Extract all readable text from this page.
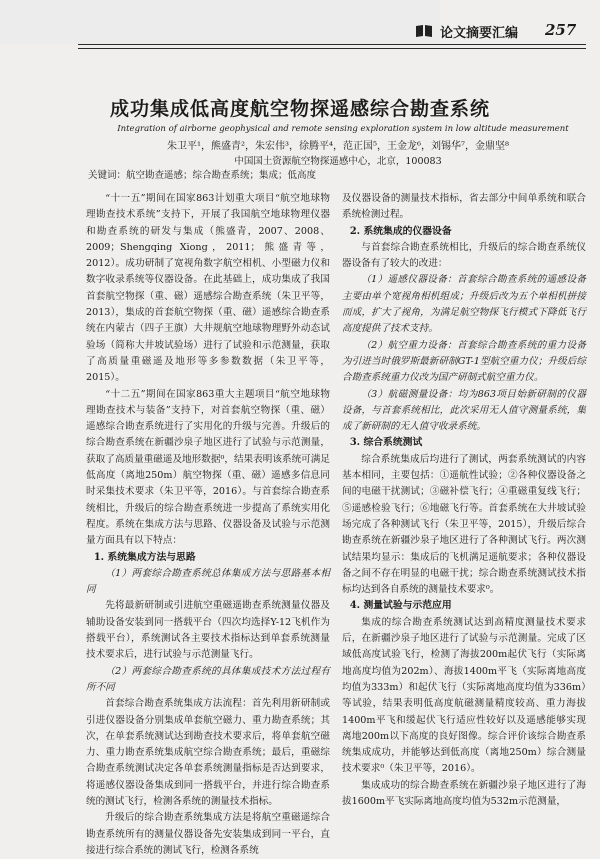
论文摘要汇编 257
成功集成低高度航空物探遥感综合勘查系统
Integration of airborne geophysical and remote sensing exploration system in low altitude measurement
朱卫平¹，熊盛青²，朱宏伟³，徐腾平⁴，范正国⁵，王金龙⁶，刘锡华⁷，金鼎坚⁸
中国国土资源航空物探遥感中心，北京，100083
关键词：航空勘查遥感；综合勘查系统；集成；低高度

“十一五”期间在国家863计划重大项目“航空地球物理勘查技术系统”支持下，开展了我国航空地球物理仪器和勘查系统的研发与集成（熊盛青，2007、2008、2009；Shengqing Xiong，2011；熊盛青等，2012）。成功研制了宽视角数字航空相机、小型磁力仪和数字收录系统等仪器设备。在此基础上，成功集成了我国首套航空物探（重、磁）遥感综合勘查系统（朱卫平等，2013），集成的首套航空物探（重、磁）遥感综合勘查系统在内蒙古（四子王旗）大井规航空地球物理野外动态试验场（简称大井坡试验场）进行了试验和示范测量，获取了高质量重磁遥及地形等多参数数据（朱卫平等，2015）。

“十二五”期间在国家863重大主题项目“航空地球物理勘查技术与装备”支持下，对首套航空物探（重、磁）遥感综合勘查系统进行了实用化的升级与完善。升级后的综合勘查系统在新疆沙泉子地区进行了试验与示范测量，获取了高质量重磁遥及地形数据⁰，结果表明该系统可满足低高度（离地250m）航空物探（重、磁）遥感多信息同时采集技术要求（朱卫平等，2016）。与首套综合勘查系统相比，升级后的综合勘查系统进一步提高了系统实用化程度。系统在集成方法与思路、仪器设备及试验与示范测量方面具有以下特点：

1. 系统集成方法与思路

（1）两套综合勘查系统总体集成方法与思路基本相同

先将最新研制或引进航空重磁遥勘查系统测量仪器及辅助设备安装到同一搭载平台（四次均选择Y-12飞机作为搭载平台），系统测试各主要技术指标达到单套系统测量技术要求后，进行试验与示范测量飞行。

（2）两套综合勘查系统的具体集成技术方法过程有所不同

首套综合勘查系统集成方法流程：首先利用新研制或引进仪器设备分别集成单套航空磁力、重力勘查系统；其次，在单套系统测试达到勘查技术要求后，将单套航空磁力、重力勘查系统集成航空综合勘查系统；最后，重磁综合勘查系统测试决定各单套系统测量指标是否达到要求，将遥感仪器设备集成到同一搭载平台，并进行综合勘查系统的测试飞行，检测各系统的测量技术指标。

升级后的综合勘查系统集成方法是将航空重磁遥综合勘查系统所有的测量仪器设备先安装集成到同一平台，直接进行综合系统的测试飞行，检测各系统

及仪器设备的测量技术指标，省去部分中间单系统和联合系统检测过程。

2. 系统集成的仪器设备

与首套综合勘查系统相比，升级后的综合勘查系统仪器设备有了较大的改进：

（1）遥感仪器设备：首套综合勘查系统的遥感设备主要由单个宽视角相机组成；升级后改为五个单相机拼接而成，扩大了视角，为满足航空物探飞行模式下降低飞行高度提供了技术支持。

（2）航空重力设备：首套综合勘查系统的重力设备为引进当时俄罗斯最新研制GT-1型航空重力仪；升级后综合勘查系统重力仪改为国产研制式航空重力仪。

（3）航磁测量设备：均为863项目始新研制的仪器设备，与首套系统相比，此次采用无人值守测量系统，集成了新研制的无人值守收录系统。

3. 综合系统测试

综合系统集成后均进行了测试，两套系统测试的内容基本相同，主要包括：①遥航性试验；②各种仪器设备之间的电磁干扰测试；③磁补偿飞行；④重磁重复线飞行；⑤遥感检验飞行；⑥地磁飞行等。首套系统在大井坡试验场完成了各种测试飞行（朱卫平等，2015），升级后综合勘查系统在新疆沙泉子地区进行了各种测试飞行。两次测试结果均显示：集成后的飞机满足遥航要求；各种仪器设备之间不存在明显的电磁干扰；综合勘查系统测试技术指标均达到各自系统的测量技术要求⁰。

4. 测量试验与示范应用

集成的综合勘查系统测试达到高精度测量技术要求后，在新疆沙泉子地区进行了试验与示范测量。完成了区域低高度试验飞行，检测了海拔200m起伏飞行（实际离地高度均值为202m）、海拔1400m平飞（实际离地高度均值为333m）和起伏飞行（实际离地高度均值为336m）等试验，结果表明低高度航磁测量精度较高、重力海拔1400m平飞和缓起伏飞行适应性较好以及遥感能够实现离地200m以下高度的良好图像。综合评价该综合勘查系统集成成功，并能够达到低高度（离地250m）综合测量技术要求⁰（朱卫平等，2016）。

集成成功的综合勘查系统在新疆沙泉子地区进行了海拔1600m平飞实际离地高度均值为532m示范测量，
